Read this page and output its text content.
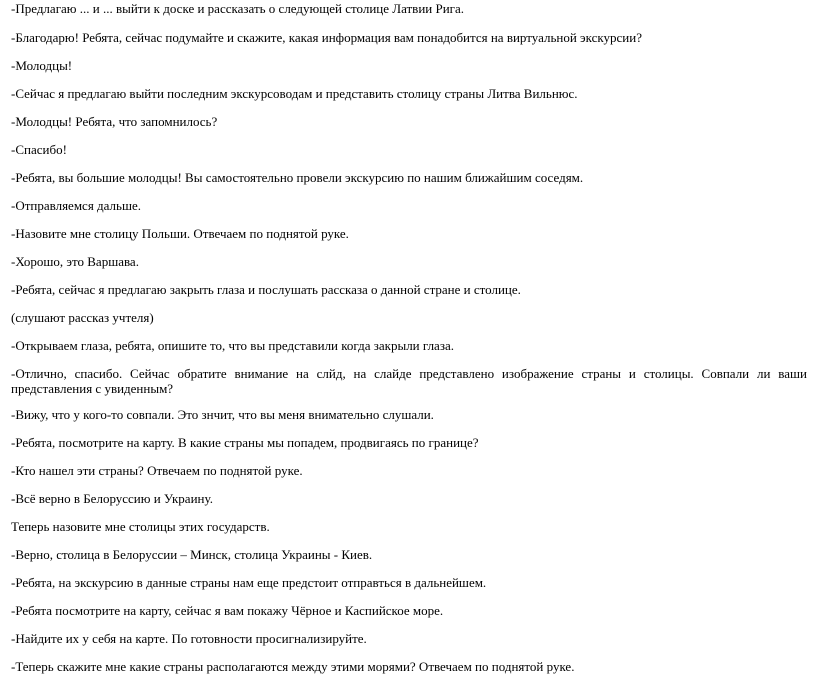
-Предлагаю ... и ... выйти к доске и рассказать о следующей столице Латвии Рига.

-Благодарю! Ребята, сейчас подумайте и скажите, какая информация вам понадобится на виртуальной экскурсии?

-Молодцы!

-Сейчас я предлагаю выйти последним экскурсоводам и представить столицу страны Литва Вильнюс.

-Молодцы! Ребята, что запомнилось?

-Спасибо!

-Ребята, вы большие молодцы! Вы самостоятельно провели экскурсию по нашим ближайшим соседям.

-Отправляемся дальше.

-Назовите мне столицу Польши. Отвечаем по поднятой руке.

-Хорошо, это Варшава.

-Ребята, сейчас я предлагаю закрыть глаза и послушать рассказа о данной стране и столице.

(слушают рассказ учтеля)

-Открываем глаза, ребята, опишите то, что вы представили когда закрыли глаза.

-Отлично, спасибо. Сейчас обратите внимание на слйд, на слайде представлено изображение страны и столицы. Совпали ли ваши представления с увиденным?

-Вижу, что у кого-то совпали. Это знчит, что вы меня внимательно слушали.

-Ребята, посмотрите на карту. В какие страны мы попадем, продвигаясь по границе?

-Кто нашел эти страны? Отвечаем по поднятой руке.

-Всё верно в Белоруссию и Украину.

Теперь назовите мне столицы этих государств.

-Верно, столица в Белоруссии – Минск, столица Украины - Киев.

-Ребята, на экскурсию в данные страны нам еще предстоит отправться в дальнейшем.

-Ребята посмотрите на карту, сейчас я вам покажу Чёрное и Каспийское море.

-Найдите их у себя на карте. По готовности просигнализируйте.

-Теперь скажите мне какие страны располагаются между этими морями? Отвечаем по поднятой руке.
